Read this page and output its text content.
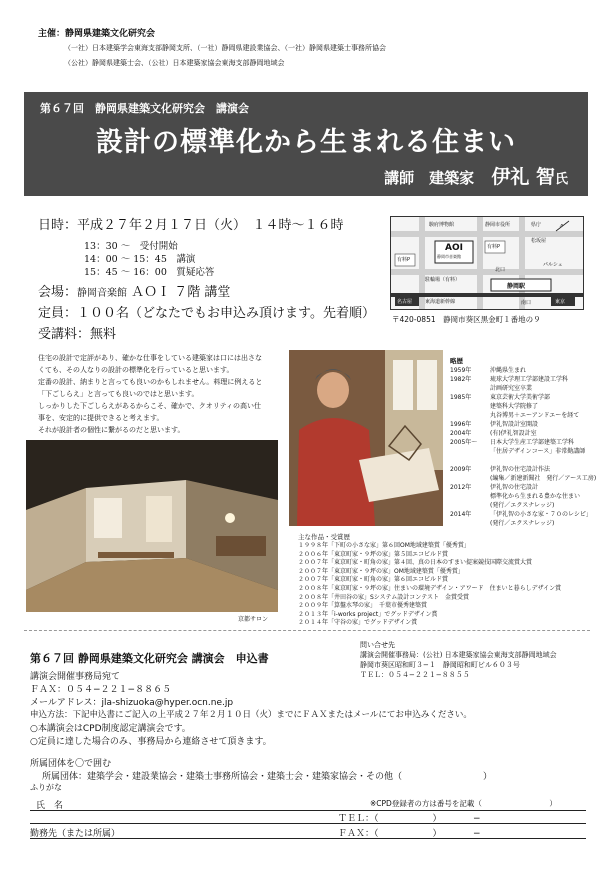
主催：静岡県建築文化研究会
（一社）日本建築学会東海支部静岡支所、（一社）静岡県建設業協会、（一社）静岡県建築士事務所協会
（公社）静岡県建築士会、（公社）日本建築家協会東海支部静岡地域会
第６７回　静岡県建築文化研究会　講演会
設計の標準化から生まれる住まい
講師　建築家 伊礼 智氏
日時：平成２７年２月１７日（火）　１４時〜１６時
13：30 〜　受付開始
14：00 〜 15：45　講演
15：45 〜 16：00　質疑応答
会場：静岡音楽館 ＡＯＩ ７階 講堂
定員：１００名（どなたでもお申込み頂けます。先着順）
受講料：無料
駿府博物館	静岡市役所	県庁
松坂屋
AOI
静岡市音楽館
有料P
有料P
北口
パルシェ
静岡駅
南口
東海道新幹線
駐輪場（有料）
名古屋	東京
↗
〒420-0851　静岡市葵区黒金町１番地の９
住宅の設計で定評があり、確かな仕事をしている建築家は口には出さな
くても、その人なりの設計の標準化を行っていると思います。
定番の設計、納まりと言っても良いのかもしれません。料理に例えると
「下ごしらえ」と言っても良いのではと思います。
しっかりした下ごしらえがあるからこそ、確かで、クオリティの高い仕
事を、安定的に提供できると考えます。
それが設計者の個性に繋がるのだと思います。
京都サロン
略歴
1959年	沖縄県生まれ
1982年	琉球大学理工学部建設工学科
計画研究室卒業
1985年	東京芸術大学美術学部
建築科大学院修了
丸谷博男＋エーアンドエーを経て
1996年	伊礼智設計室開設
2004年	(有)伊礼智設計室
2005年〜 日本大学生産工学部建築工学科
「住居デザインコース」非常勤講師
2009年	伊礼智の住宅設計作法
(編集／新建新聞社　発行／アース工房)
2012年	伊礼智の住宅設計
標準化から生まれる豊かな住まい
(発行／エクスナレッジ)
2014年	「伊礼智の小さな家・７０のレシピ」
(発行／エクスナレッジ)
主な作品・受賞歴
１９９８年「下町の小さな家」第６回OM地域建築賞「優秀賞」
２００６年「東京町家・９坪の家」第５回エコビルド賞
２００７年「東京町家・町角の家」第４回、真の日本のすまい提案競技国際交流賞大賞
２００７年「東京町家・９坪の家」OM地域建築賞「優秀賞」
２００７年「東京町家・町角の家」第６回エコビルド賞
２００８年「東京町家・９坪の家」住まいの環境デザイン・アワード　住まいと暮らしデザイン賞
２００８年「井田谷の家」Sシステム設計コンテスト　金賞受賞
２００９年「算盤水琴の家」　千葉市優秀建築賞
２０１３年「i-works project」でグッドデザイン賞
２０１４年「守谷の家」でグッドデザイン賞
第６７回 静岡県建築文化研究会 講演会　申込書
講演会開催事務局宛て
ＦＡＸ：０５４−２２１−８８６５
メールアドレス：jla-shizuoka@hyper.ocn.ne.jp
申込方法：下記申込書にご記入の上平成２７年２月１０日（火）までにＦＡＸまたはメールにてお申込みください。
○本講演会はCPD制度認定講演会です。
○定員に達した場合のみ、事務局から連絡させて頂きます。
問い合せ先
講演会開催事務局：(公社) 日本建築家協会東海支部静岡地域会
静岡市葵区昭和町３−１　静岡昭和町ビル６０３号
ＴＥＬ：０５４−２２１−８８５５
所属団体を〇で囲む
所属団体：建築学会・建設業協会・建築士事務所協会・建築士会・建築家協会・その他（　　　　　　　　　）
ふりがな
氏　名	※CPD登録者の方は番号を記載（　　　　　　　　　）
ＴＥＬ：（　　　　　　）　　　　−
勤務先（または所属）	ＦＡＸ：（　　　　　　）　　　　−
